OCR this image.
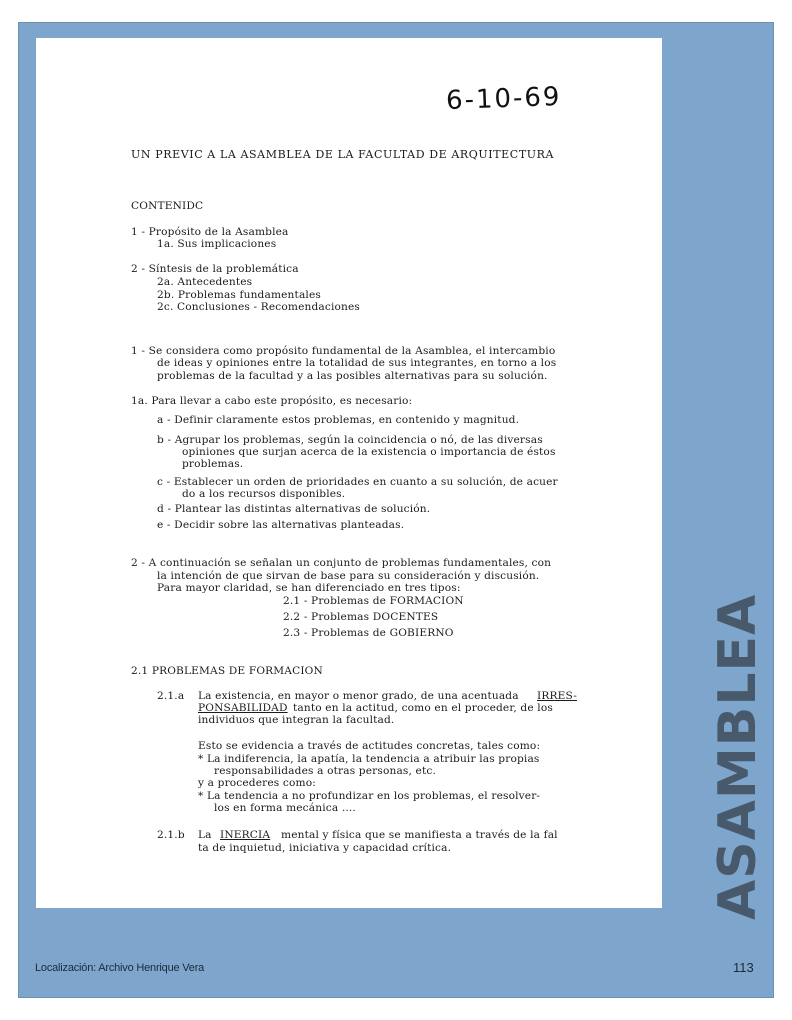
6-10-69
UN PREVIC A LA ASAMBLEA DE LA FACULTAD DE ARQUITECTURA
CONTENIDC
1 - Propósito de la Asamblea
1a. Sus implicaciones
2 - Síntesis de la problemática
2a. Antecedentes
2b. Problemas fundamentales
2c. Conclusiones - Recomendaciones
1 - Se considera como propósito fundamental de la Asamblea, el intercambio
de ideas y opiniones entre la totalidad de sus integrantes, en torno a los
problemas de la facultad y a las posibles alternativas para su solución.
1a. Para llevar a cabo este propósito, es necesario:
a - Definir claramente estos problemas, en contenido y magnitud.
b - Agrupar los problemas, según la coincidencia o nó, de las diversas
opiniones que surjan acerca de la existencia o importancia de éstos
problemas.
c - Establecer un orden de prioridades en cuanto a su solución, de acuer
do a los recursos disponibles.
d - Plantear las distintas alternativas de solución.
e - Decidir sobre las alternativas planteadas.
2 - A continuación se señalan un conjunto de problemas fundamentales, con
la intención de que sirvan de base para su consideración y discusión.
Para mayor claridad, se han diferenciado en tres tipos:
2.1 - Problemas de FORMACION
2.2 - Problemas DOCENTES
2.3 - Problemas de GOBIERNO
2.1 PROBLEMAS DE FORMACION
2.1.a La existencia, en mayor o menor grado, de una acentuada IRRES-
PONSABILIDAD tanto en la actitud, como en el proceder, de los
individuos que integran la facultad.
Esto se evidencia a través de actitudes concretas, tales como:
* La indiferencia, la apatía, la tendencia a atribuir las propias
responsabilidades a otras personas, etc.
y a procederes como:
* La tendencia a no profundizar en los problemas, el resolver-
los en forma mecánica ....
2.1.b La INERCIA mental y física que se manifiesta a través de la fal
ta de inquietud, iniciativa y capacidad crítica.	ASAMBLEA
Localización: Archivo Henrique Vera	113
